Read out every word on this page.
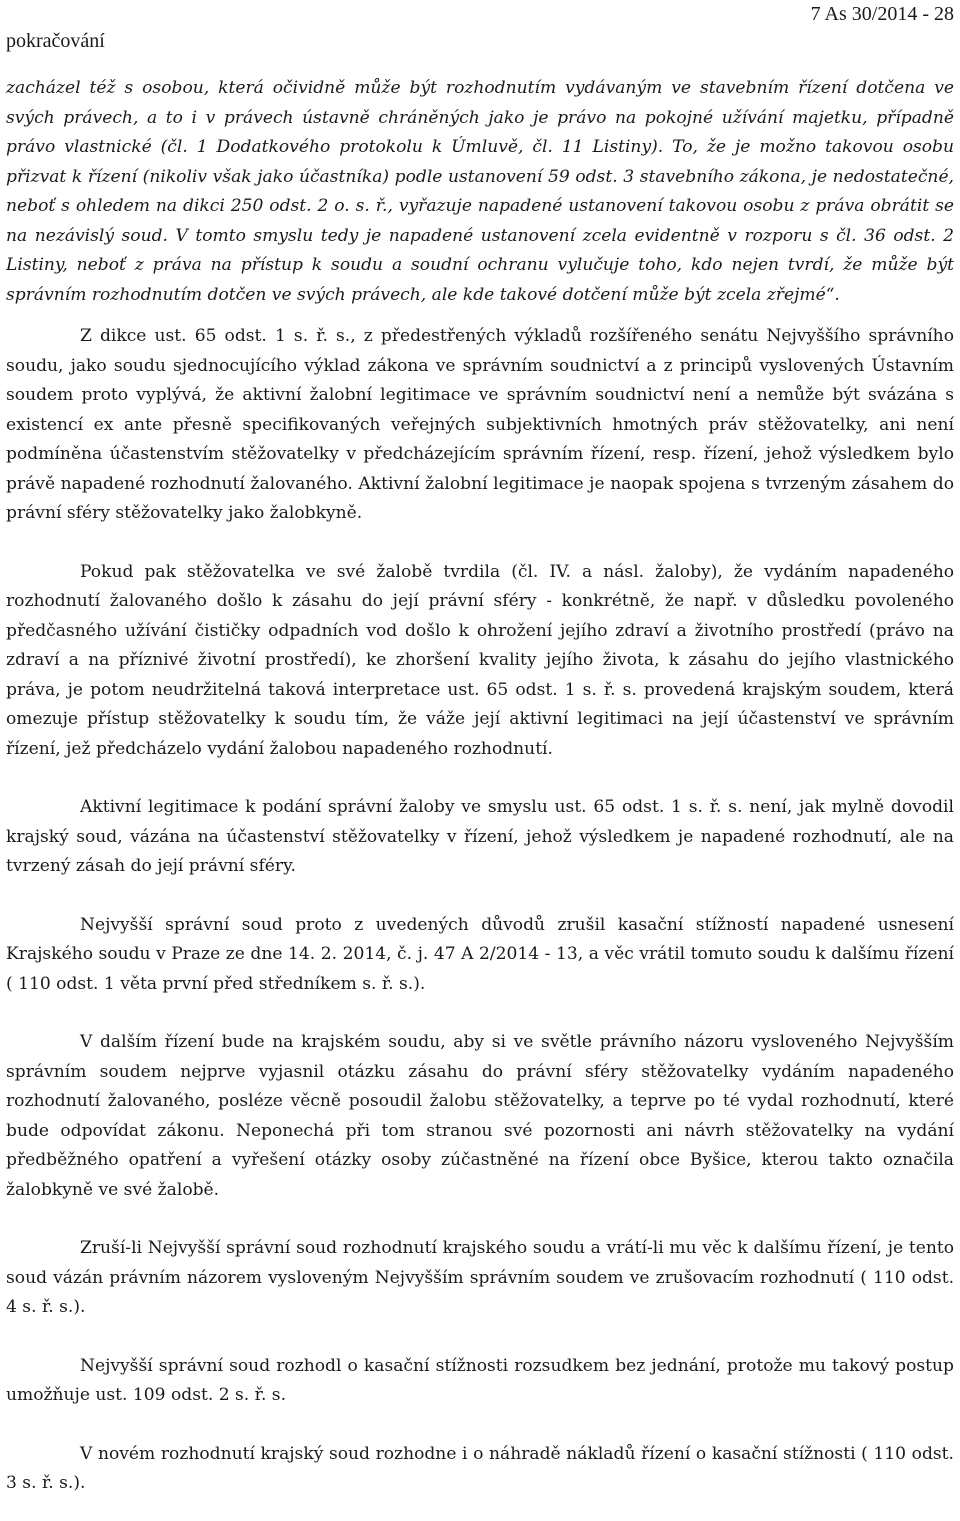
pokračování
7 As 30/2014 - 28

zacházel též s osobou, která očividně může být rozhodnutím vydávaným ve stavebním řízení dotčena ve svých právech, a to i v právech ústavně chráněných jako je právo na pokojné užívání majetku, případně právo vlastnické (čl. 1 Dodatkového protokolu k Úmluvě, čl. 11 Listiny). To, že je možno takovou osobu přizvat k řízení (nikoliv však jako účastníka) podle ustanovení 59 odst. 3 stavebního zákona, je nedostatečné, neboť s ohledem na dikci 250 odst. 2 o. s. ř., vyřazuje napadené ustanovení takovou osobu z práva obrátit se na nezávislý soud. V tomto smyslu tedy je napadené ustanovení zcela evidentně v rozporu s čl. 36 odst. 2 Listiny, neboť z práva na přístup k soudu a soudní ochranu vylučuje toho, kdo nejen tvrdí, že může být správním rozhodnutím dotčen ve svých právech, ale kde takové dotčení může být zcela zřejmé“.

Z dikce ust. 65 odst. 1 s. ř. s., z předestřených výkladů rozšířeného senátu Nejvyššího správního soudu, jako soudu sjednocujícího výklad zákona ve správním soudnictví a z principů vyslovených Ústavním soudem proto vyplývá, že aktivní žalobní legitimace ve správním soudnictví není a nemůže být svázána s existencí ex ante přesně specifikovaných veřejných subjektivních hmotných práv stěžovatelky, ani není podmíněna účastenstvím stěžovatelky v předcházejícím správním řízení, resp. řízení, jehož výsledkem bylo právě napadené rozhodnutí žalovaného. Aktivní žalobní legitimace je naopak spojena s tvrzeným zásahem do právní sféry stěžovatelky jako žalobkyně.

Pokud pak stěžovatelka ve své žalobě tvrdila (čl. IV. a násl. žaloby), že vydáním napadeného rozhodnutí žalovaného došlo k zásahu do její právní sféry - konkrétně, že např. v důsledku povoleného předčasného užívání čističky odpadních vod došlo k ohrožení jejího zdraví a životního prostředí (právo na zdraví a na příznivé životní prostředí), ke zhoršení kvality jejího života, k zásahu do jejího vlastnického práva, je potom neudržitelná taková interpretace ust. 65 odst. 1 s. ř. s. provedená krajským soudem, která omezuje přístup stěžovatelky k soudu tím, že váže její aktivní legitimaci na její účastenství ve správním řízení, jež předcházelo vydání žalobou napadeného rozhodnutí.

Aktivní legitimace k podání správní žaloby ve smyslu ust. 65 odst. 1 s. ř. s. není, jak mylně dovodil krajský soud, vázána na účastenství stěžovatelky v řízení, jehož výsledkem je napadené rozhodnutí, ale na tvrzený zásah do její právní sféry.

Nejvyšší správní soud proto z uvedených důvodů zrušil kasační stížností napadené usnesení Krajského soudu v Praze ze dne 14. 2. 2014, č. j. 47 A 2/2014 - 13, a věc vrátil tomuto soudu k dalšímu řízení ( 110 odst. 1 věta první před středníkem s. ř. s.).

V dalším řízení bude na krajském soudu, aby si ve světle právního názoru vysloveného Nejvyšším správním soudem nejprve vyjasnil otázku zásahu do právní sféry stěžovatelky vydáním napadeného rozhodnutí žalovaného, posléze věcně posoudil žalobu stěžovatelky, a teprve po té vydal rozhodnutí, které bude odpovídat zákonu. Neponechá při tom stranou své pozornosti ani návrh stěžovatelky na vydání předběžného opatření a vyřešení otázky osoby zúčastněné na řízení obce Byšice, kterou takto označila žalobkyně ve své žalobě.

Zruší-li Nejvyšší správní soud rozhodnutí krajského soudu a vrátí-li mu věc k dalšímu řízení, je tento soud vázán právním názorem vysloveným Nejvyšším správním soudem ve zrušovacím rozhodnutí ( 110 odst. 4 s. ř. s.).

Nejvyšší správní soud rozhodl o kasační stížnosti rozsudkem bez jednání, protože mu takový postup umožňuje ust. 109 odst. 2 s. ř. s.

V novém rozhodnutí krajský soud rozhodne i o náhradě nákladů řízení o kasační stížnosti ( 110 odst. 3 s. ř. s.).
